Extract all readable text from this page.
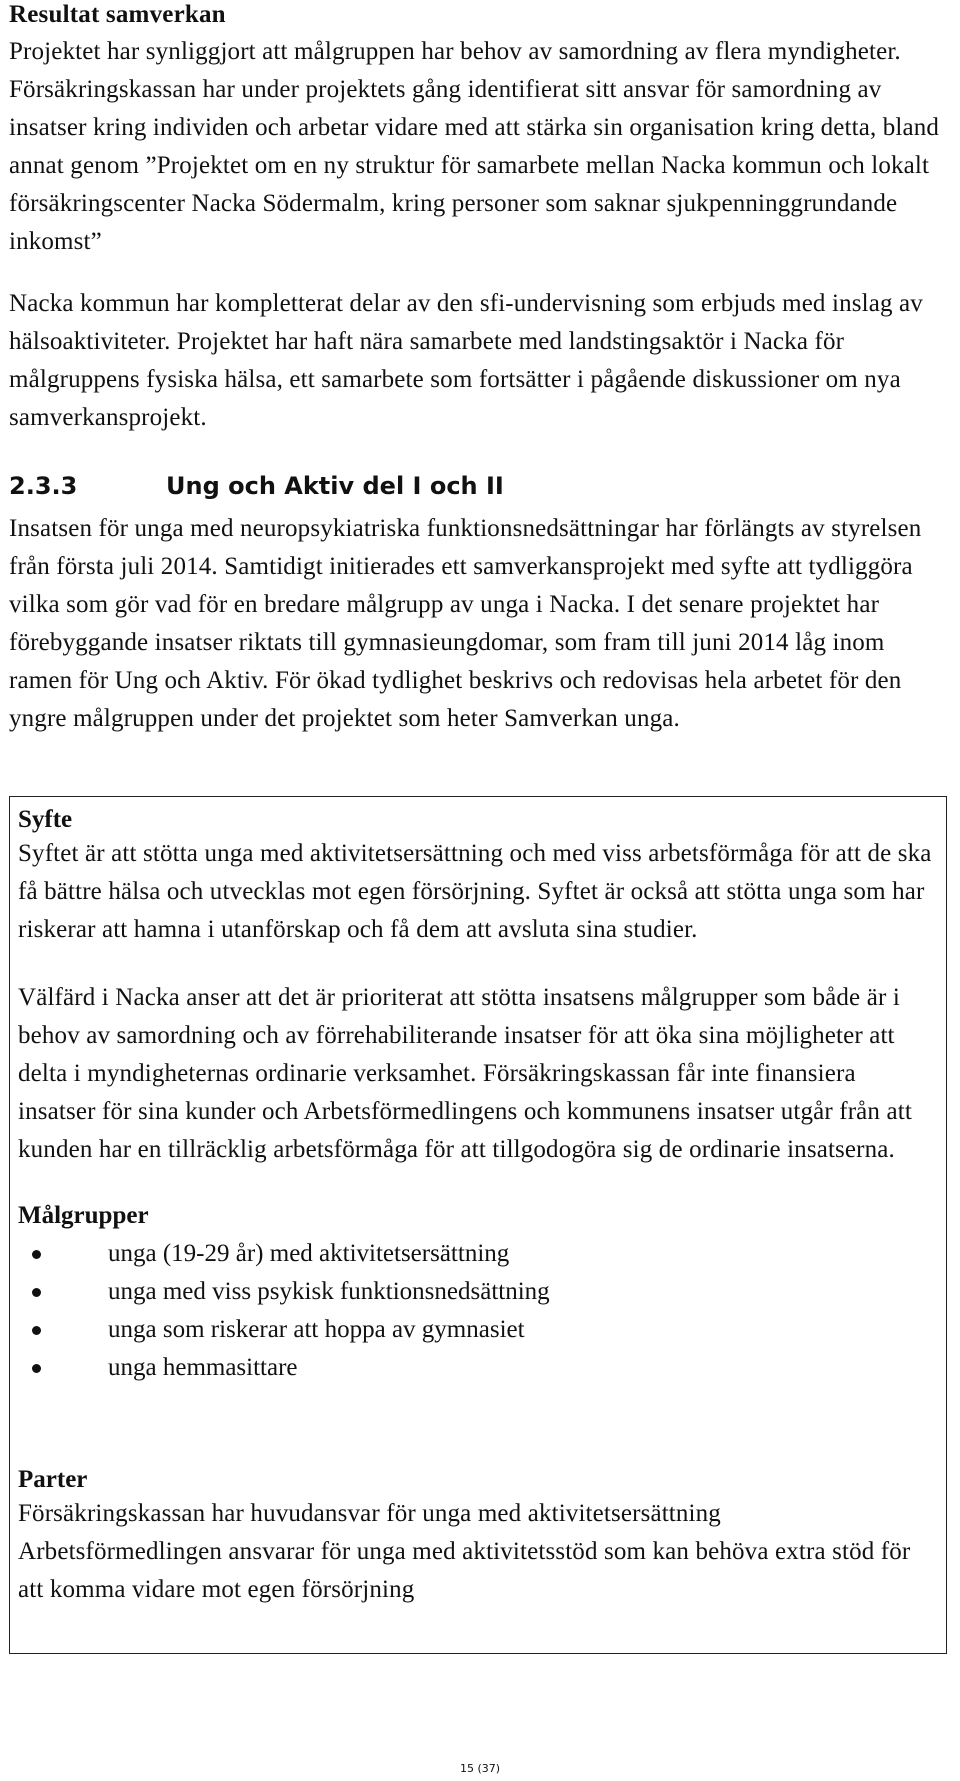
Resultat samverkan

Projektet har synliggjort att målgruppen har behov av samordning av flera myndigheter. Försäkringskassan har under projektets gång identifierat sitt ansvar för samordning av insatser kring individen och arbetar vidare med att stärka sin organisation kring detta, bland annat genom ”Projektet om en ny struktur för samarbete mellan Nacka kommun och lokalt försäkringscenter Nacka Södermalm, kring personer som saknar sjukpenninggrundande inkomst”

Nacka kommun har kompletterat delar av den sfi-undervisning som erbjuds med inslag av hälsoaktiviteter. Projektet har haft nära samarbete med landstingsaktör i Nacka för målgruppens fysiska hälsa, ett samarbete som fortsätter i pågående diskussioner om nya samverkansprojekt.

2.3.3	Ung och Aktiv del I och II

Insatsen för unga med neuropsykiatriska funktionsnedsättningar har förlängts av styrelsen från första juli 2014. Samtidigt initierades ett samverkansprojekt med syfte att tydliggöra vilka som gör vad för en bredare målgrupp av unga i Nacka. I det senare projektet har förebyggande insatser riktats till gymnasieungdomar, som fram till juni 2014 låg inom ramen för Ung och Aktiv. För ökad tydlighet beskrivs och redovisas hela arbetet för den yngre målgruppen under det projektet som heter Samverkan unga.

Syfte

Syftet är att stötta unga med aktivitetsersättning och med viss arbetsförmåga för att de ska få bättre hälsa och utvecklas mot egen försörjning. Syftet är också att stötta unga som har riskerar att hamna i utanförskap och få dem att avsluta sina studier.

Välfärd i Nacka anser att det är prioriterat att stötta insatsens målgrupper som både är i behov av samordning och av förrehabiliterande insatser för att öka sina möjligheter att delta i myndigheternas ordinarie verksamhet. Försäkringskassan får inte finansiera insatser för sina kunder och Arbetsförmedlingens och kommunens insatser utgår från att kunden har en tillräcklig arbetsförmåga för att tillgodogöra sig de ordinarie insatserna.

Målgrupper
unga (19-29 år) med aktivitetsersättning
unga med viss psykisk funktionsnedsättning
unga som riskerar att hoppa av gymnasiet
unga hemmasittare
Parter

Försäkringskassan har huvudansvar för unga med aktivitetsersättning

Arbetsförmedlingen ansvarar för unga med aktivitetsstöd som kan behöva extra stöd för att komma vidare mot egen försörjning

15 (37)
